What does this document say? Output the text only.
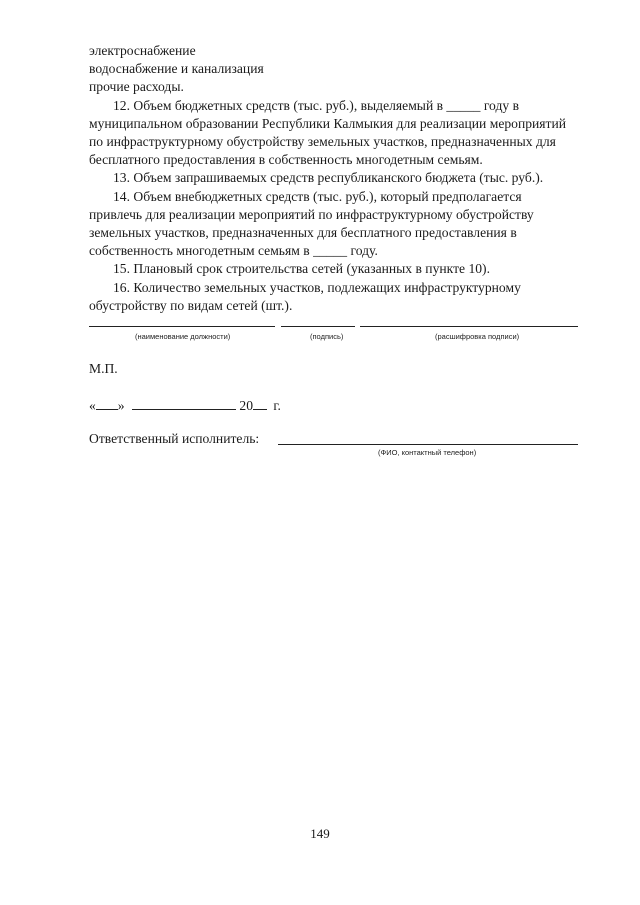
электроснабжение
водоснабжение и канализация
прочие расходы.
12. Объем бюджетных средств (тыс. руб.), выделяемый в _____ году в
муниципальном образовании Республики Калмыкия для реализации мероприятий
по инфраструктурному обустройству земельных участков, предназначенных для
бесплатного предоставления в собственность многодетным семьям.
13. Объем запрашиваемых средств республиканского бюджета (тыс. руб.).
14. Объем внебюджетных средств (тыс. руб.), который предполагается
привлечь для реализации мероприятий по инфраструктурному обустройству
земельных участков, предназначенных для бесплатного предоставления в
собственность многодетным семьям в _____ году.
15. Плановый срок строительства сетей (указанных в пункте 10).
16. Количество земельных участков, подлежащих инфраструктурному
обустройству по видам сетей (шт.).
(наименование должности)	(подпись)	(расшифровка подписи)
М.П.
« »	20 г.
Ответственный исполнитель:
(ФИО, контактный телефон)
149
